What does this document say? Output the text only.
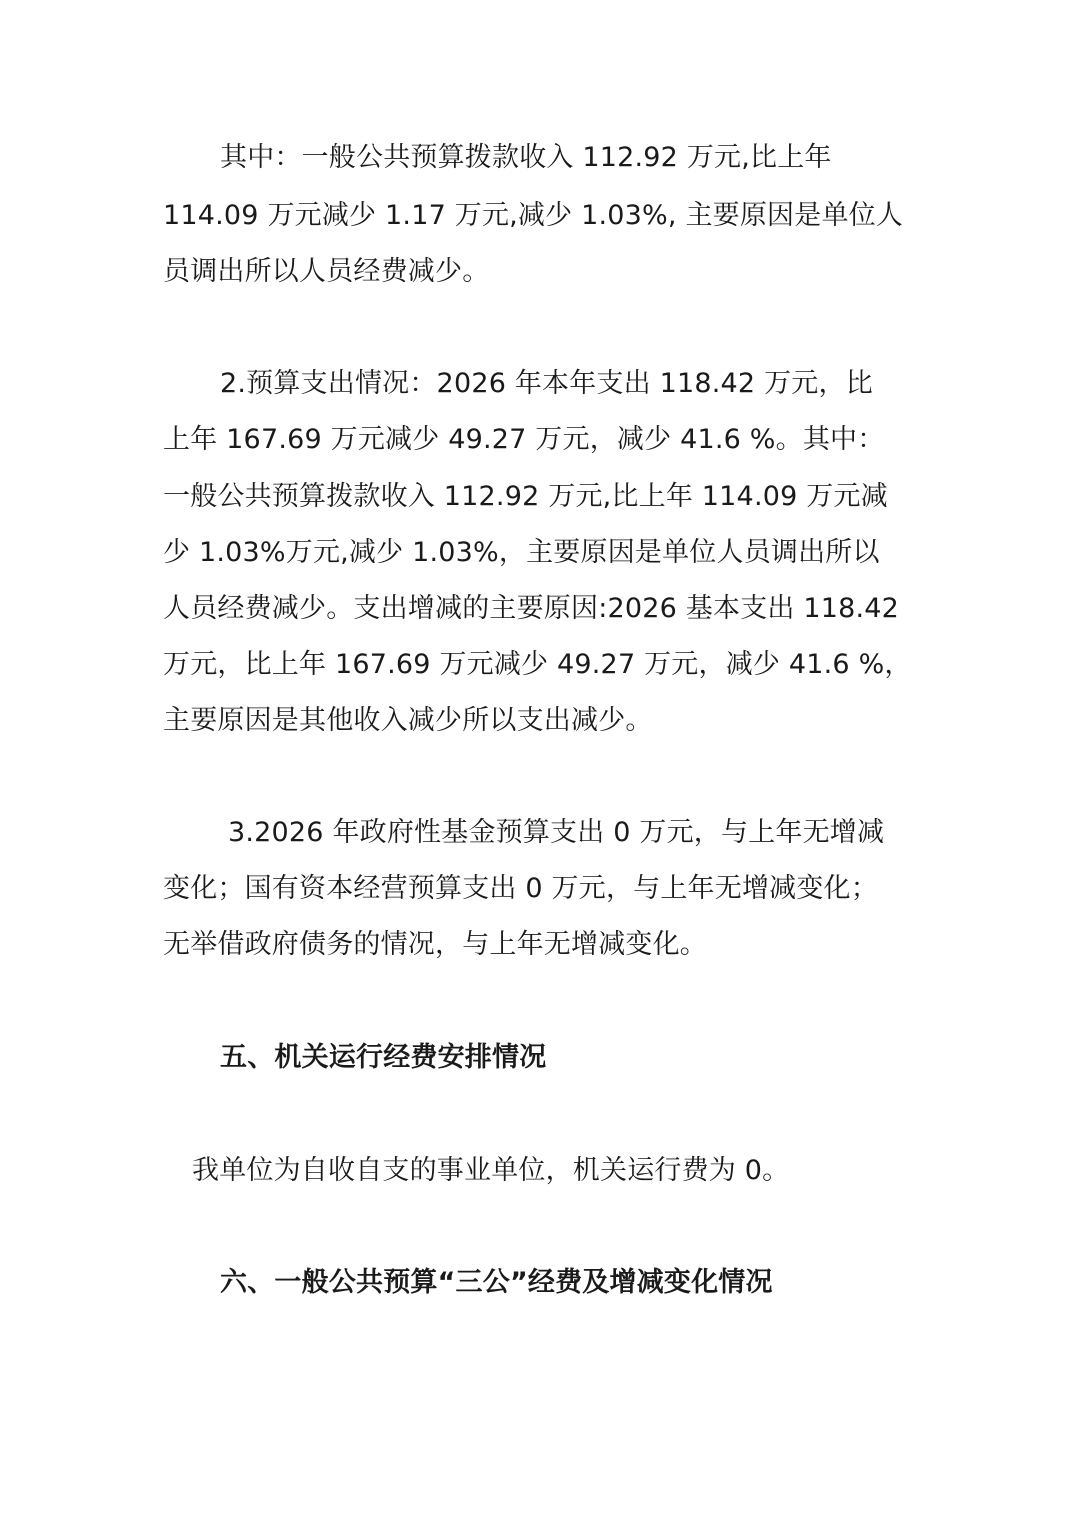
其中：一般公共预算拨款收入 112.92 万元,比上年
114.09 万元减少 1.17 万元,减少 1.03%, 主要原因是单位人
员调出所以人员经费减少。
2.预算支出情况：2026 年本年支出 118.42 万元，比
上年 167.69 万元减少 49.27 万元，减少 41.6 %。其中：
一般公共预算拨款收入 112.92 万元,比上年 114.09 万元减
少 1.03%万元,减少 1.03%，主要原因是单位人员调出所以
人员经费减少。支出增减的主要原因:2026 基本支出 118.42
万元，比上年 167.69 万元减少 49.27 万元，减少 41.6 %，
主要原因是其他收入减少所以支出减少。
3.2026 年政府性基金预算支出 0 万元，与上年无增减
变化；国有资本经营预算支出 0 万元，与上年无增减变化；
无举借政府债务的情况，与上年无增减变化。
五、机关运行经费安排情况
我单位为自收自支的事业单位，机关运行费为 0。
六、一般公共预算“三公”经费及增减变化情况
